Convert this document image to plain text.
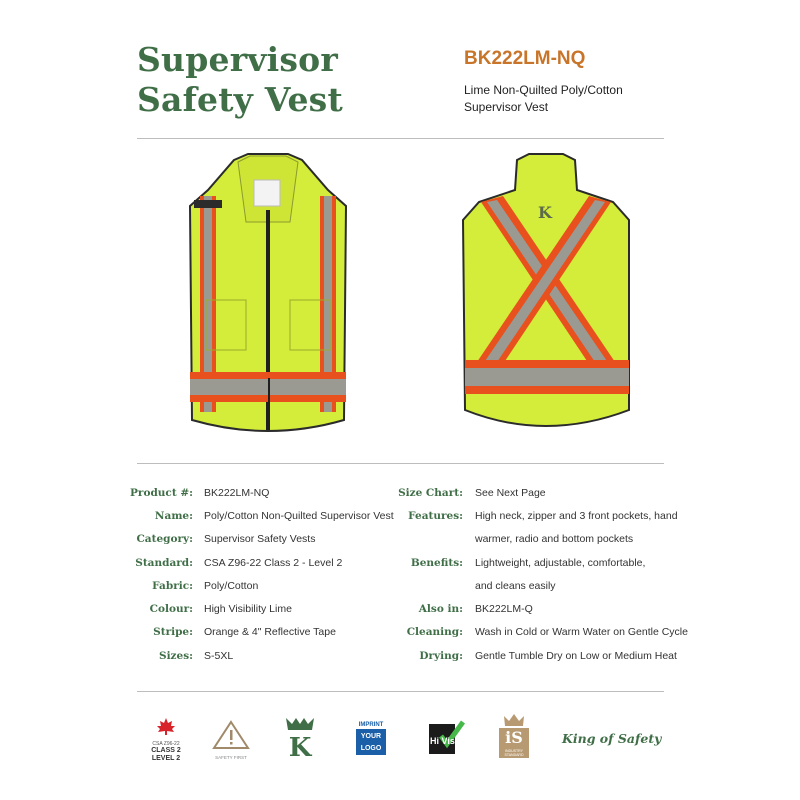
Supervisor
Safety Vest
BK222LM-NQ
Lime Non-Quilted Poly/Cotton
Supervisor Vest
K
Product #: BK222LM-NQ
Name: Poly/Cotton Non-Quilted Supervisor Vest
Category: Supervisor Safety Vests
Standard: CSA Z96-22 Class 2 - Level 2
Fabric: Poly/Cotton
Colour: High Visibility Lime
Stripe: Orange & 4" Reflective Tape
Sizes: S-5XL
Size Chart: See Next Page
Features: High neck, zipper and 3 front pockets, hand
warmer, radio and bottom pockets
Benefits: Lightweight, adjustable, comfortable,
and cleans easily
Also in: BK222LM-Q
Cleaning: Wash in Cold or Warm Water on Gentle Cycle
Drying: Gentle Tumble Dry on Low or Medium Heat
CSA Z96-22
CLASS 2
LEVEL 2	SAFETY FIRST K
IMPRINT
YOUR
LOGO
Hi Vis	iS
INDUSTRY STANDARD
King of Safety
